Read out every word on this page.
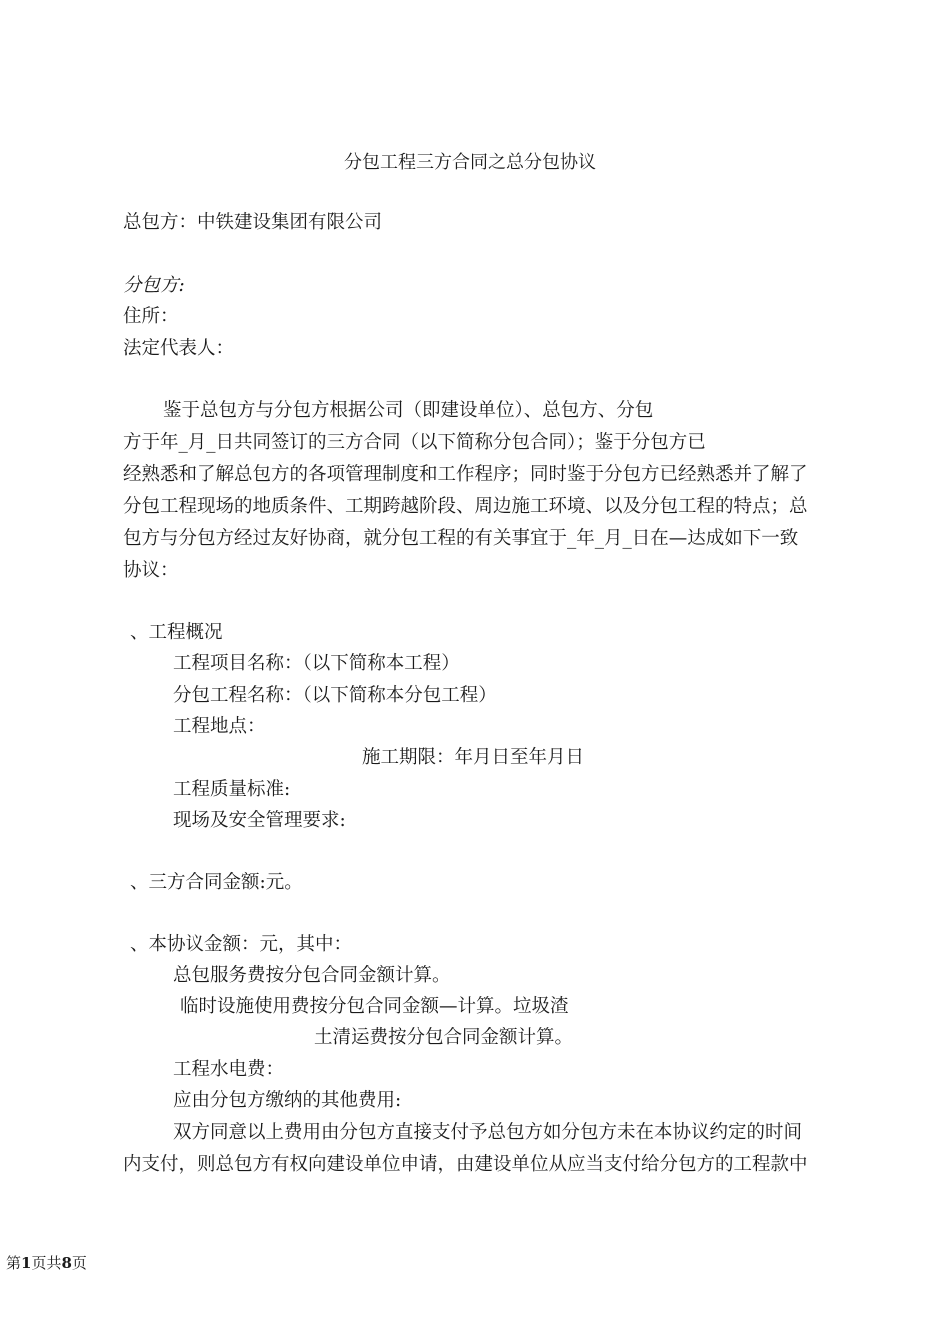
分包工程三方合同之总分包协议
总包方：中铁建设集团有限公司
分包方:
住所：
法定代表人：
鉴于总包方与分包方根据公司（即建设单位）、总包方、分包
方于年_月_日共同签订的三方合同（以下简称分包合同）；鉴于分包方已
经熟悉和了解总包方的各项管理制度和工作程序；同时鉴于分包方已经熟悉并了解了
分包工程现场的地质条件、工期跨越阶段、周边施工环境、以及分包工程的特点；总
包方与分包方经过友好协商，就分包工程的有关事宜于_年_月_日在—达成如下一致
协议：
、工程概况
工程项目名称：（以下简称本工程）
分包工程名称：（以下简称本分包工程）
工程地点：
施工期限：年月日至年月日
工程质量标准:
现场及安全管理要求:
、三方合同金额:元。
、本协议金额：元，其中：
总包服务费按分包合同金额计算。
临时设施使用费按分包合同金额—计算。垃圾渣
土清运费按分包合同金额计算。
工程水电费：
应由分包方缴纳的其他费用:
双方同意以上费用由分包方直接支付予总包方如分包方未在本协议约定的时间
内支付，则总包方有权向建设单位申请，由建设单位从应当支付给分包方的工程款中
第1页共8页
